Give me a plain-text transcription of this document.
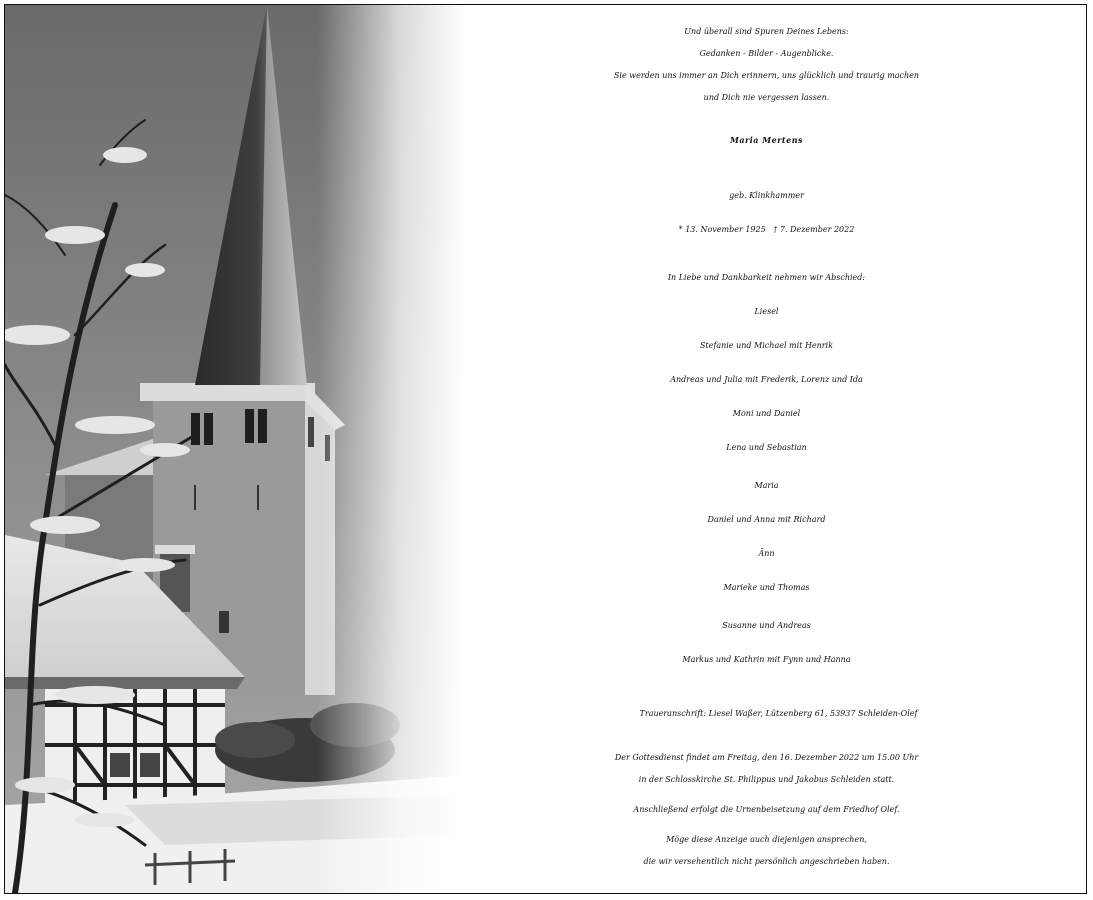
Und überall sind Spuren Deines Lebens:
Gedanken - Bilder - Augenblicke.
Sie werden uns immer an Dich erinnern, uns glücklich und traurig machen
und Dich nie vergessen lassen.
Maria Mertens
geb. Klinkhammer
* 13. November 1925   † 7. Dezember 2022
In Liebe und Dankbarkeit nehmen wir Abschied:
Liesel
Stefanie und Michael mit Henrik
Andreas und Julia mit Frederik, Lorenz und Ida
Moni und Daniel
Lena und Sebastian
Maria
Daniel und Anna mit Richard
Änn
Marieke und Thomas
Susanne und Andreas
Markus und Kathrin mit Fynn und Hanna
Traueranschrift: Liesel Waßer, Lützenberg 61, 53937 Schleiden-Olef
Der Gottesdienst findet am Freitag, den 16. Dezember 2022 um 15.00 Uhr
in der Schlosskirche St. Philippus und Jakobus Schleiden statt.
Anschließend erfolgt die Urnenbeisetzung auf dem Friedhof Olef.
Möge diese Anzeige auch diejenigen ansprechen,
die wir versehentlich nicht persönlich angeschrieben haben.
